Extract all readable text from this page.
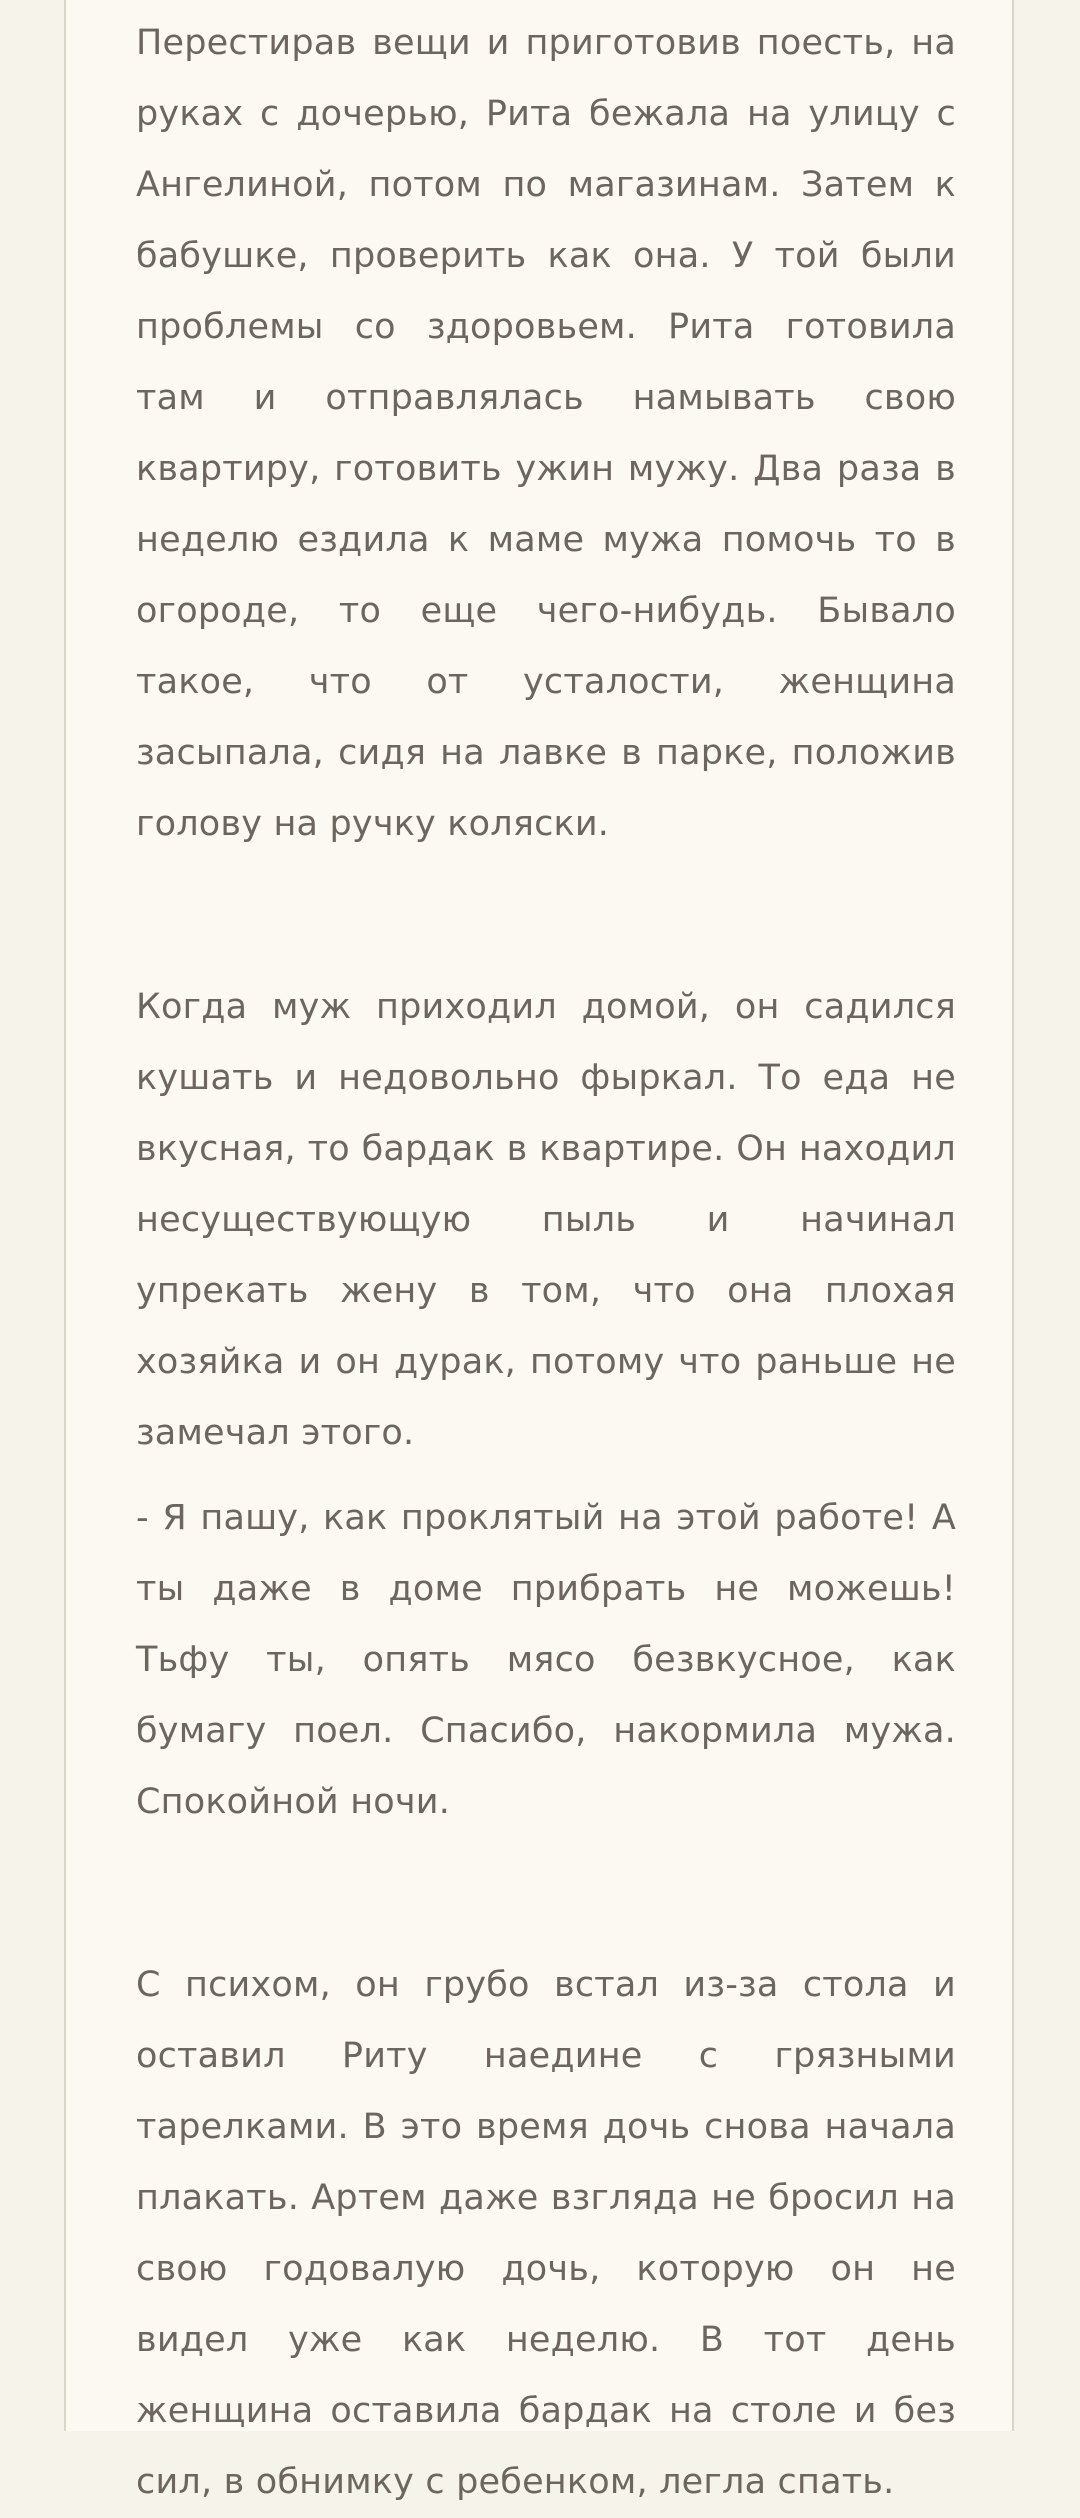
Перестирав вещи и приготовив поесть, на руках с дочерью, Рита бежала на улицу с Ангелиной, потом по магазинам. Затем к бабушке, проверить как она. У той были проблемы со здоровьем. Рита готовила там и отправлялась намывать свою квартиру, готовить ужин мужу. Два раза в неделю ездила к маме мужа помочь то в огороде, то еще чего-нибудь. Бывало такое, что от усталости, женщина засыпала, сидя на лавке в парке, положив голову на ручку коляски.

Когда муж приходил домой, он садился кушать и недовольно фыркал. То еда не вкусная, то бардак в квартире. Он находил несуществующую пыль и начинал упрекать жену в том, что она плохая хозяйка и он дурак, потому что раньше не замечал этого.

- Я пашу, как проклятый на этой работе! А ты даже в доме прибрать не можешь! Тьфу ты, опять мясо безвкусное, как бумагу поел. Спасибо, накормила мужа. Спокойной ночи.

С психом, он грубо встал из-за стола и оставил Риту наедине с грязными тарелками. В это время дочь снова начала плакать. Артем даже взгляда не бросил на свою годовалую дочь, которую он не видел уже как неделю. В тот день женщина оставила бардак на столе и без сил, в обнимку с ребенком, легла спать.
